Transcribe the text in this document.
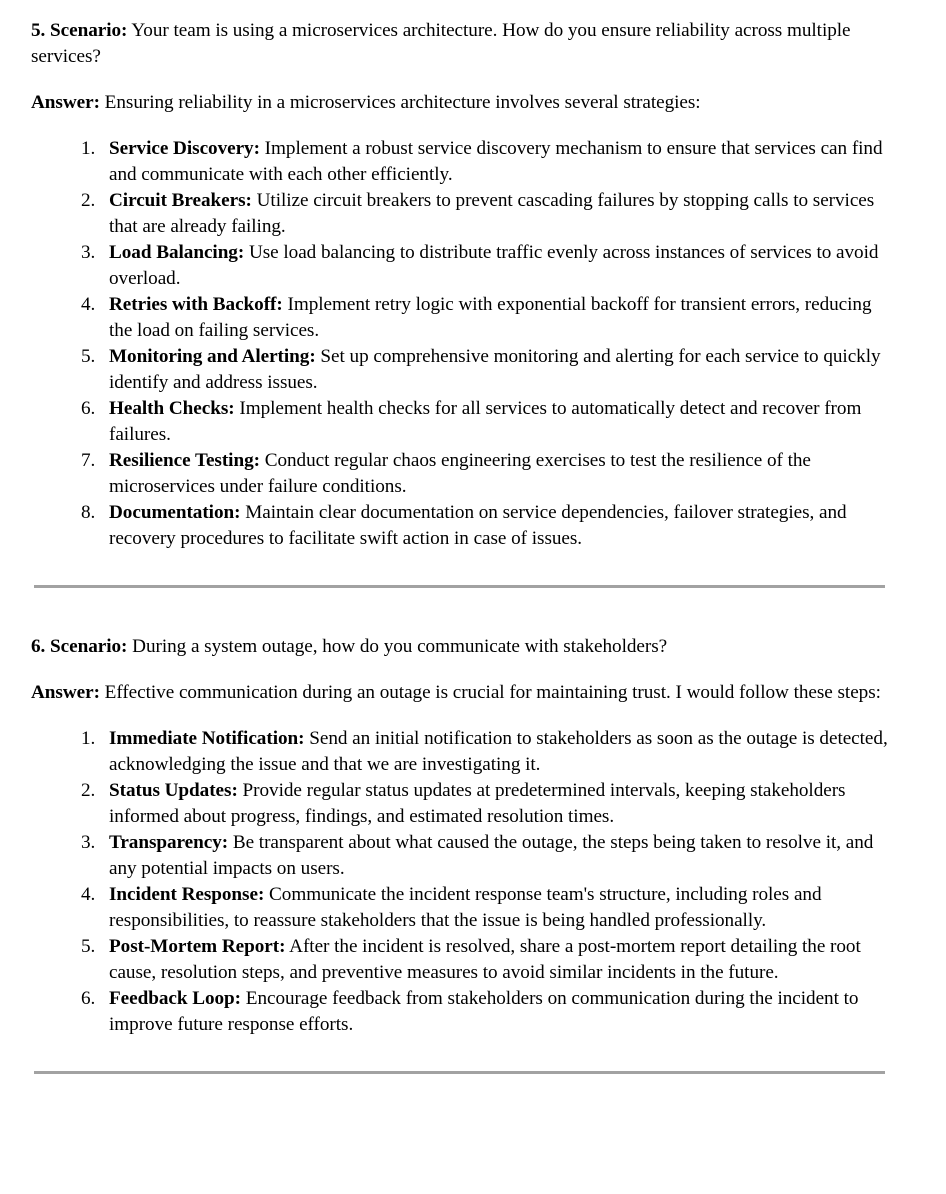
5. Scenario: Your team is using a microservices architecture. How do you ensure reliability across multiple services?

Answer: Ensuring reliability in a microservices architecture involves several strategies:

1. Service Discovery: Implement a robust service discovery mechanism to ensure that services can find and communicate with each other efficiently.
2. Circuit Breakers: Utilize circuit breakers to prevent cascading failures by stopping calls to services that are already failing.
3. Load Balancing: Use load balancing to distribute traffic evenly across instances of services to avoid overload.
4. Retries with Backoff: Implement retry logic with exponential backoff for transient errors, reducing the load on failing services.
5. Monitoring and Alerting: Set up comprehensive monitoring and alerting for each service to quickly identify and address issues.
6. Health Checks: Implement health checks for all services to automatically detect and recover from failures.
7. Resilience Testing: Conduct regular chaos engineering exercises to test the resilience of the microservices under failure conditions.
8. Documentation: Maintain clear documentation on service dependencies, failover strategies, and recovery procedures to facilitate swift action in case of issues.

6. Scenario: During a system outage, how do you communicate with stakeholders?

Answer: Effective communication during an outage is crucial for maintaining trust. I would follow these steps:

1. Immediate Notification: Send an initial notification to stakeholders as soon as the outage is detected, acknowledging the issue and that we are investigating it.
2. Status Updates: Provide regular status updates at predetermined intervals, keeping stakeholders informed about progress, findings, and estimated resolution times.
3. Transparency: Be transparent about what caused the outage, the steps being taken to resolve it, and any potential impacts on users.
4. Incident Response: Communicate the incident response team's structure, including roles and responsibilities, to reassure stakeholders that the issue is being handled professionally.
5. Post-Mortem Report: After the incident is resolved, share a post-mortem report detailing the root cause, resolution steps, and preventive measures to avoid similar incidents in the future.
6. Feedback Loop: Encourage feedback from stakeholders on communication during the incident to improve future response efforts.
